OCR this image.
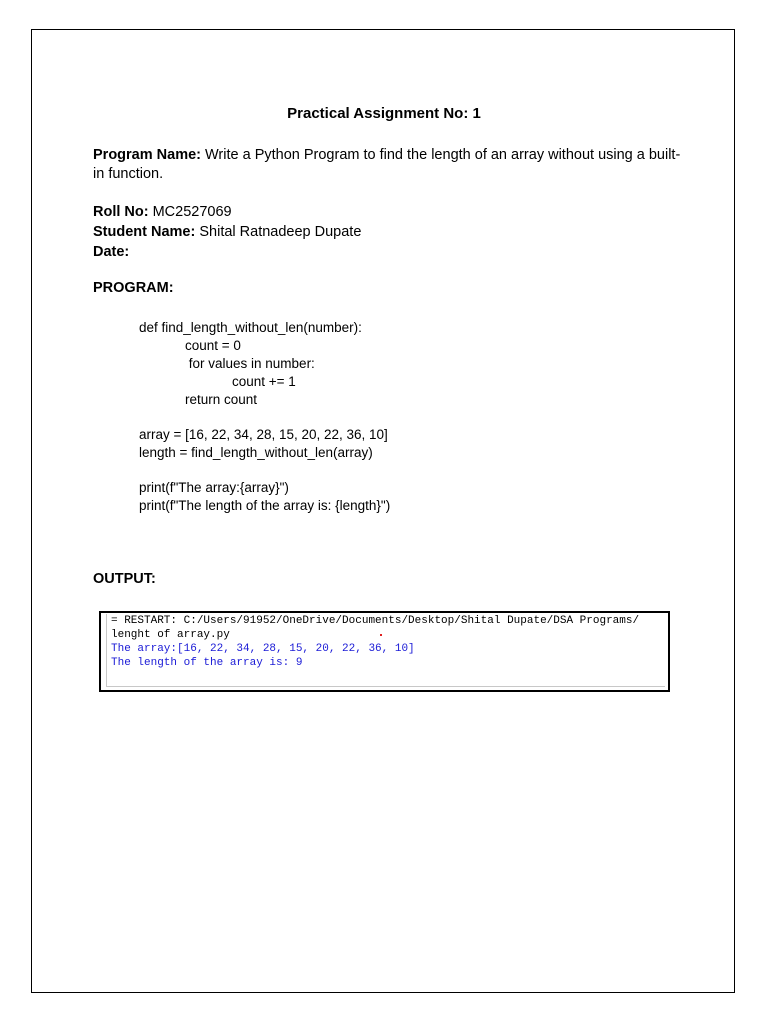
Practical Assignment No: 1
Program Name: Write a Python Program to find the length of an array without using a built-in function.
Roll No: MC2527069
Student Name: Shital Ratnadeep Dupate
Date:
PROGRAM:
def find_length_without_len(number):
count = 0
for values in number:
count += 1
return count
array = [16, 22, 34, 28, 15, 20, 22, 36, 10]
length = find_length_without_len(array)
print(f"The array:{array}")
print(f"The length of the array is: {length}")
OUTPUT:
= RESTART: C:/Users/91952/OneDrive/Documents/Desktop/Shital Dupate/DSA Programs/
lenght of array.py
The array:[16, 22, 34, 28, 15, 20, 22, 36, 10]
The length of the array is: 9
